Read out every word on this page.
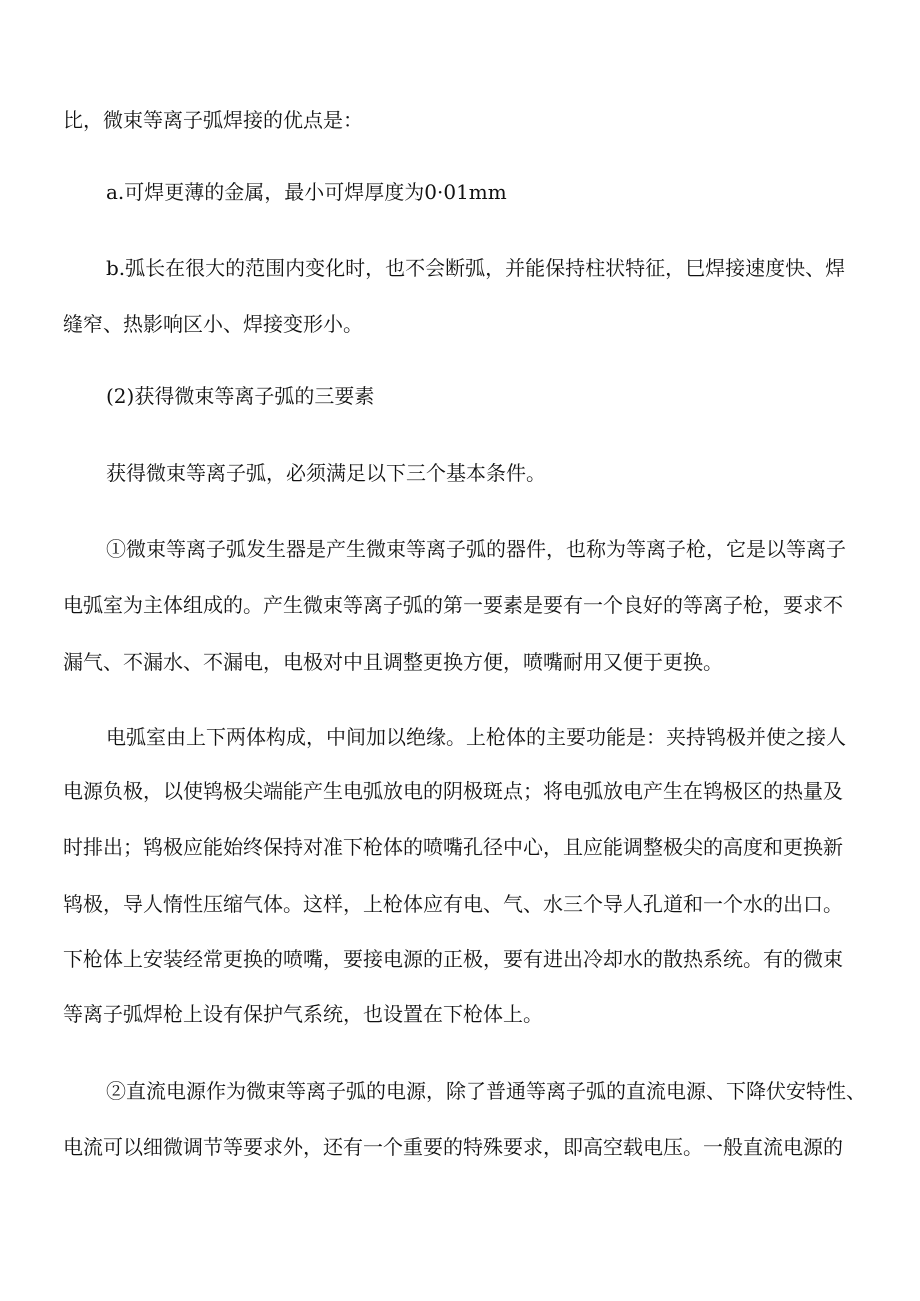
比，微束等离子弧焊接的优点是：

a.可焊更薄的金属，最小可焊厚度为0·01mm

b.弧长在很大的范围内变化时，也不会断弧，并能保持柱状特征，巳焊接速度快、焊

缝窄、热影响区小、焊接变形小。

(2)获得微束等离子弧的三要素

获得微束等离子弧，必须满足以下三个基本条件。

①微束等离子弧发生器是产生微束等离子弧的器件，也称为等离子枪，它是以等离子

电弧室为主体组成的。产生微束等离子弧的第一要素是要有一个良好的等离子枪，要求不

漏气、不漏水、不漏电，电极对中且调整更换方便，喷嘴耐用又便于更换。

电弧室由上下两体构成，中间加以绝缘。上枪体的主要功能是：夹持鸨极并使之接人

电源负极，以使鸨极尖端能产生电弧放电的阴极斑点；将电弧放电产生在鸨极区的热量及

时排出；鸨极应能始终保持对准下枪体的喷嘴孔径中心，且应能调整极尖的高度和更换新

鸨极，导人惰性压缩气体。这样，上枪体应有电、气、水三个导人孔道和一个水的出口。

下枪体上安装经常更换的喷嘴，要接电源的正极，要有进出冷却水的散热系统。有的微束

等离子弧焊枪上设有保护气系统，也设置在下枪体上。

②直流电源作为微束等离子弧的电源，除了普通等离子弧的直流电源、下降伏安特性、

电流可以细微调节等要求外，还有一个重要的特殊要求，即高空载电压。一般直流电源的
